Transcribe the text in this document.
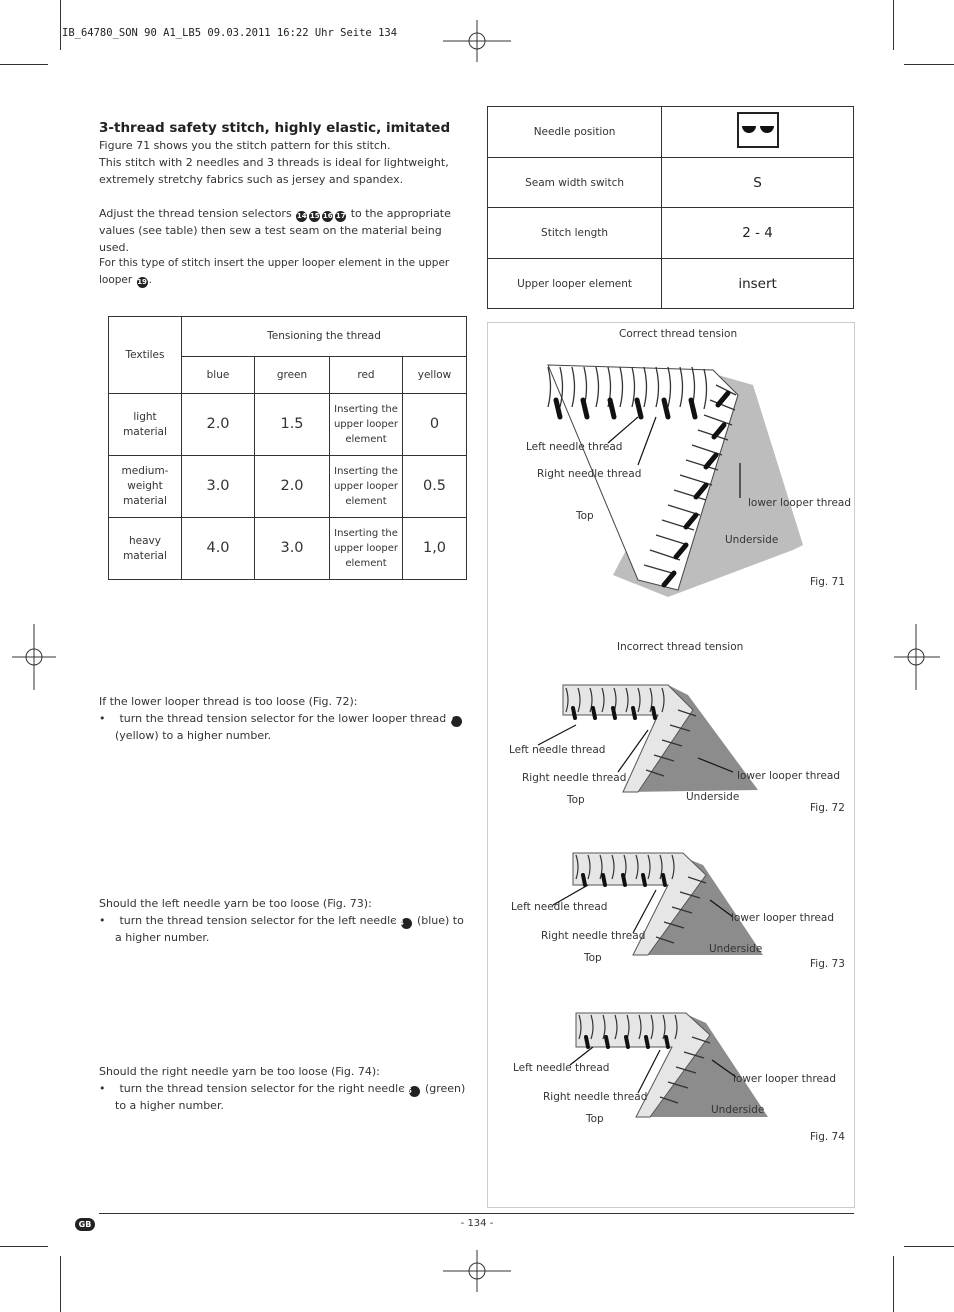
IB_64780_SON 90 A1_LB5 09.03.2011 16:22 Uhr Seite 134
3-thread safety stitch, highly elastic, imitated
Figure 71 shows you the stitch pattern for this stitch.
This stitch with 2 needles and 3 threads is ideal for lightweight, extremely stretchy fabrics such as jersey and spandex.
Adjust the thread tension selectors 14 15 16 17 to the appropriate values (see table) then sew a test seam on the material being used.
For this type of stitch insert the upper looper element in the upper looper 19 .
Needle position	
Seam width switch	S
Stitch length	2 - 4
Upper looper element	insert
Textiles	Tensioning the thread			
	blue	green	red	yellow
light material	2.0	1.5	Inserting the upper looper element	0
medium-weight material	3.0	2.0	Inserting the upper looper element	0.5
heavy material	4.0	3.0	Inserting the upper looper element	1,0
If the lower looper thread is too loose (Fig. 72):
•    turn the thread tension selector for the lower looper thread 17 (yellow) to a higher number.
Should the left needle yarn be too loose (Fig. 73):
•    turn the thread tension selector for the left needle 14 (blue) to a higher number.
Should the right needle yarn be too loose (Fig. 74):
•    turn the thread tension selector for the right needle 15 (green) to a higher number.
Correct thread tension
Left needle thread
Right needle thread
lower looper thread
Top
Underside
Fig. 71
Incorrect thread tension
Left needle thread
Right needle thread	lower looper thread
Top	Underside
Fig. 72
Left needle thread
Right needle thread
lower looper thread
Top
Underside
Fig. 73
Left needle thread
Right needle thread
lower looper thread
Top
Underside
Fig. 74
GB	- 134 -
